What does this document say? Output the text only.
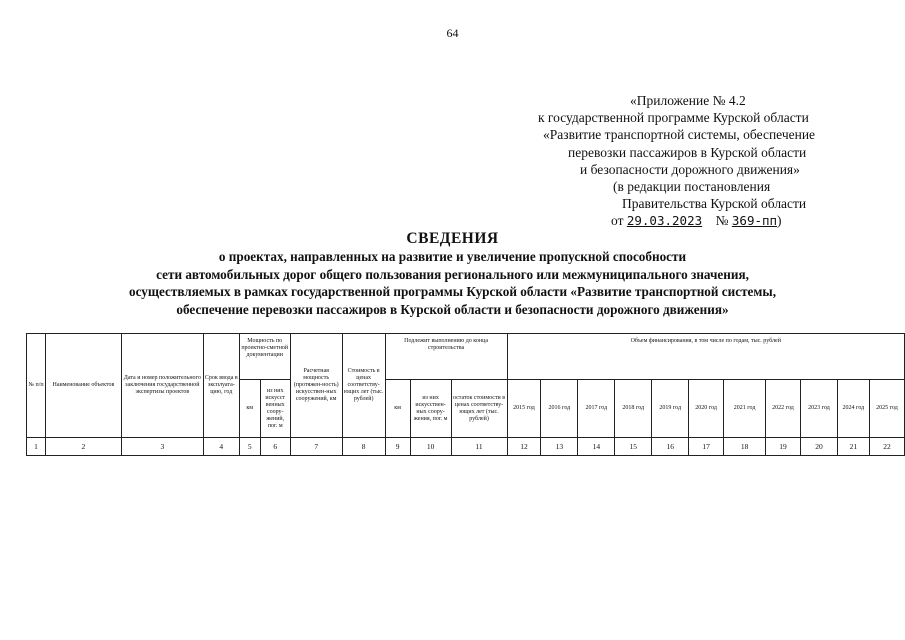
64
«Приложение № 4.2
к государственной программе Курской области
«Развитие транспортной системы, обеспечение
перевозки пассажиров в Курской области
и безопасности дорожного движения»
(в редакции постановления
Правительства Курской области
от 29.03.2023 № 369-пп)
СВЕДЕНИЯ
о проектах, направленных на развитие и увеличение пропускной способности
сети автомобильных дорог общего пользования регионального или межмуниципального значения,
осуществляемых в рамках государственной программы Курской области «Развитие транспортной системы,
обеспечение перевозки пассажиров в Курской области и безопасности дорожного движения»
№ п/п	Наименование объектов	Дата и номер положительного заключения государственной экспертизы проектов	Срок ввода в эксплуата-цию, год	Мощность по проектно-сметной документации		Расчетная мощность (протяжен-ность) искусствен-ных сооружений, км	Стоимость в ценах соответству-ющих лет (тыс. рублей)	Подлежит выполнению до конца строительства			Объем финансирования, в том числе по годам, тыс. рублей										
				км	из них искусст венных соору-жений, пог. м			км	из них искусствен-ных соору-жения, пог. м	остаток стоимости в ценах соответству-ющих лет (тыс. рублей)	2015 год	2016 год	2017 год	2018 год	2019 год	2020 год	2021 год	2022 год	2023 год	2024 год	2025 год
1	2	3	4	5	6	7	8	9	10	11	12	13	14	15	16	17	18	19	20	21	22
